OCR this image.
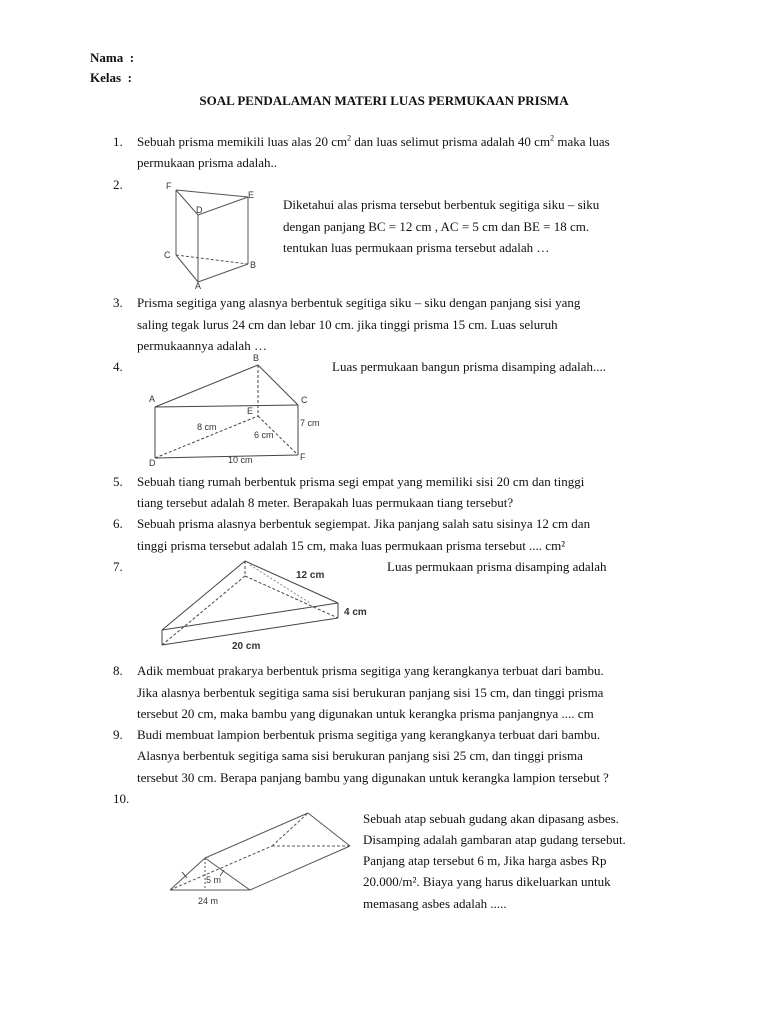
Nama :
Kelas :
SOAL PENDALAMAN MATERI LUAS PERMUKAAN PRISMA
1. Sebuah prisma memikili luas alas 20 $cm^2$ dan luas selimut prisma adalah 40 $cm^2$ maka luas
permukaan prisma adalah..
2.	F
E
D
C
B
A
Diketahui alas prisma tersebut berbentuk segitiga siku – siku
dengan panjang BC = 12 cm , AC = 5 cm dan BE = 18 cm.
tentukan luas permukaan prisma tersebut adalah …
3. Prisma segitiga yang alasnya berbentuk segitiga siku – siku dengan panjang sisi yang
saling tegak lurus 24 cm dan lebar 10 cm. jika tinggi prisma 15 cm. Luas seluruh
permukaannya adalah …
4.
B
A	C
E
D
F
8 cm
6 cm
7 cm
10 cm
Luas permukaan bangun prisma disamping adalah....
5. Sebuah tiang rumah berbentuk prisma segi empat yang memiliki sisi 20 cm dan tinggi
tiang tersebut adalah 8 meter. Berapakah luas permukaan tiang tersebut?
6. Sebuah prisma alasnya berbentuk segiempat. Jika panjang salah satu sisinya 12 cm dan
tinggi prisma tersebut adalah 15 cm, maka luas permukaan prisma tersebut .... cm²
7.
12 cm
4 cm
20 cm
Luas permukaan prisma disamping adalah
8. Adik membuat prakarya berbentuk prisma segitiga yang kerangkanya terbuat dari bambu.
Jika alasnya berbentuk segitiga sama sisi berukuran panjang sisi 15 cm, dan tinggi prisma
tersebut 20 cm, maka bambu yang digunakan untuk kerangka prisma panjangnya .... cm
9. Budi membuat lampion berbentuk prisma segitiga yang kerangkanya terbuat dari bambu.
Alasnya berbentuk segitiga sama sisi berukuran panjang sisi 25 cm, dan tinggi prisma
tersebut 30 cm. Berapa panjang bambu yang digunakan untuk kerangka lampion tersebut ?
10.
5 m
24 m
Sebuah atap sebuah gudang akan dipasang asbes.
Disamping adalah gambaran atap gudang tersebut.
Panjang atap tersebut 6 m, Jika harga asbes Rp
20.000/m². Biaya yang harus dikeluarkan untuk
memasang asbes adalah .....
